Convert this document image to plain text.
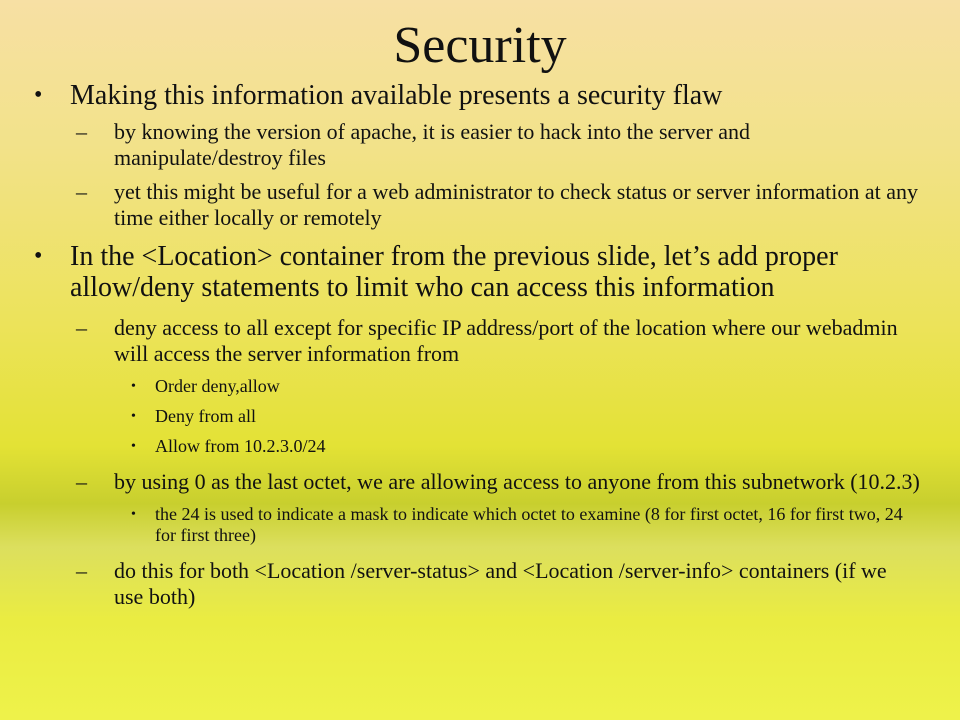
Security
• Making this information available presents a security flaw
– by knowing the version of apache, it is easier to hack into the server and manipulate/destroy files
– yet this might be useful for a web administrator to check status or server information at any time either locally or remotely
• In the <Location> container from the previous slide, let’s add proper allow/deny statements to limit who can access this information
– deny access to all except for specific IP address/port of the location where our webadmin will access the server information from
• Order deny,allow
• Deny from all
• Allow from 10.2.3.0/24
– by using 0 as the last octet, we are allowing access to anyone from this subnetwork (10.2.3)
• the 24 is used to indicate a mask to indicate which octet to examine (8 for first octet, 16 for first two, 24 for first three)
– do this for both <Location /server-status> and <Location /server-info> containers (if we use both)
